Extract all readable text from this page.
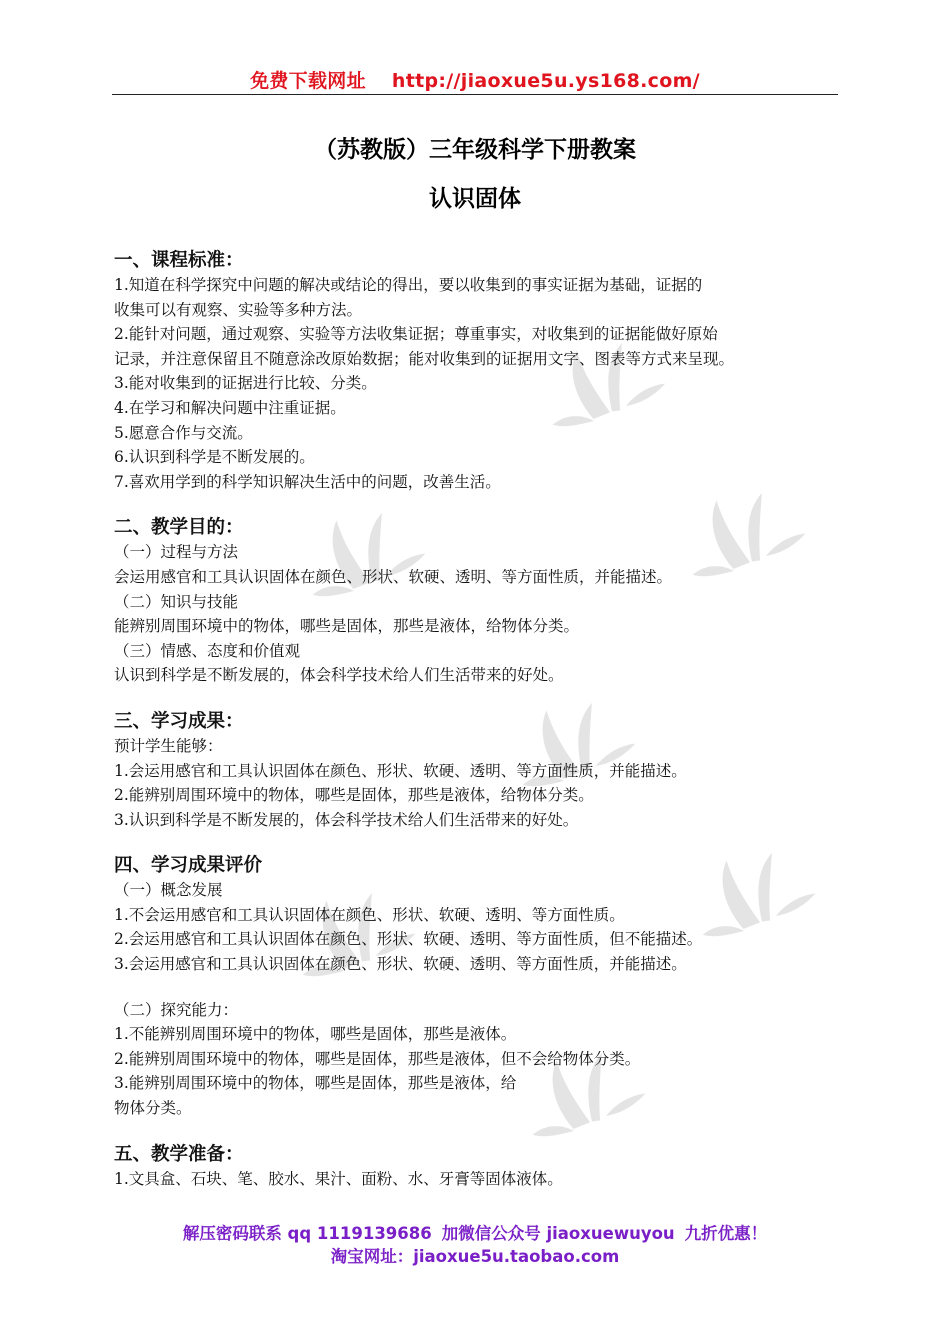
免费下载网址 http://jiaoxue5u.ys168.com/
（苏教版）三年级科学下册教案
认识固体
一、课程标准：

1.知道在科学探究中问题的解决或结论的得出，要以收集到的事实证据为基础，证据的

收集可以有观察、实验等多种方法。

2.能针对问题，通过观察、实验等方法收集证据；尊重事实，对收集到的证据能做好原始

记录，并注意保留且不随意涂改原始数据；能对收集到的证据用文字、图表等方式来呈现。

3.能对收集到的证据进行比较、分类。

4.在学习和解决问题中注重证据。

5.愿意合作与交流。

6.认识到科学是不断发展的。

7.喜欢用学到的科学知识解决生活中的问题，改善生活。

二、教学目的：

（一）过程与方法

会运用感官和工具认识固体在颜色、形状、软硬、透明、等方面性质，并能描述。

（二）知识与技能

能辨别周围环境中的物体，哪些是固体，那些是液体，给物体分类。

（三）情感、态度和价值观

认识到科学是不断发展的，体会科学技术给人们生活带来的好处。

三、学习成果：

预计学生能够：

1.会运用感官和工具认识固体在颜色、形状、软硬、透明、等方面性质，并能描述。

2.能辨别周围环境中的物体，哪些是固体，那些是液体，给物体分类。

3.认识到科学是不断发展的，体会科学技术给人们生活带来的好处。

四、学习成果评价

（一）概念发展

1.不会运用感官和工具认识固体在颜色、形状、软硬、透明、等方面性质。

2.会运用感官和工具认识固体在颜色、形状、软硬、透明、等方面性质，但不能描述。

3.会运用感官和工具认识固体在颜色、形状、软硬、透明、等方面性质，并能描述。

（二）探究能力：

1.不能辨别周围环境中的物体，哪些是固体，那些是液体。

2.能辨别周围环境中的物体，哪些是固体，那些是液体，但不会给物体分类。

3.能辨别周围环境中的物体，哪些是固体，那些是液体，给

物体分类。

五、教学准备：

1.文具盒、石块、笔、胶水、果汁、面粉、水、牙膏等固体液体。

解压密码联系 qq 1119139686 加微信公众号 jiaoxuewuyou 九折优惠！
淘宝网址：jiaoxue5u.taobao.com
